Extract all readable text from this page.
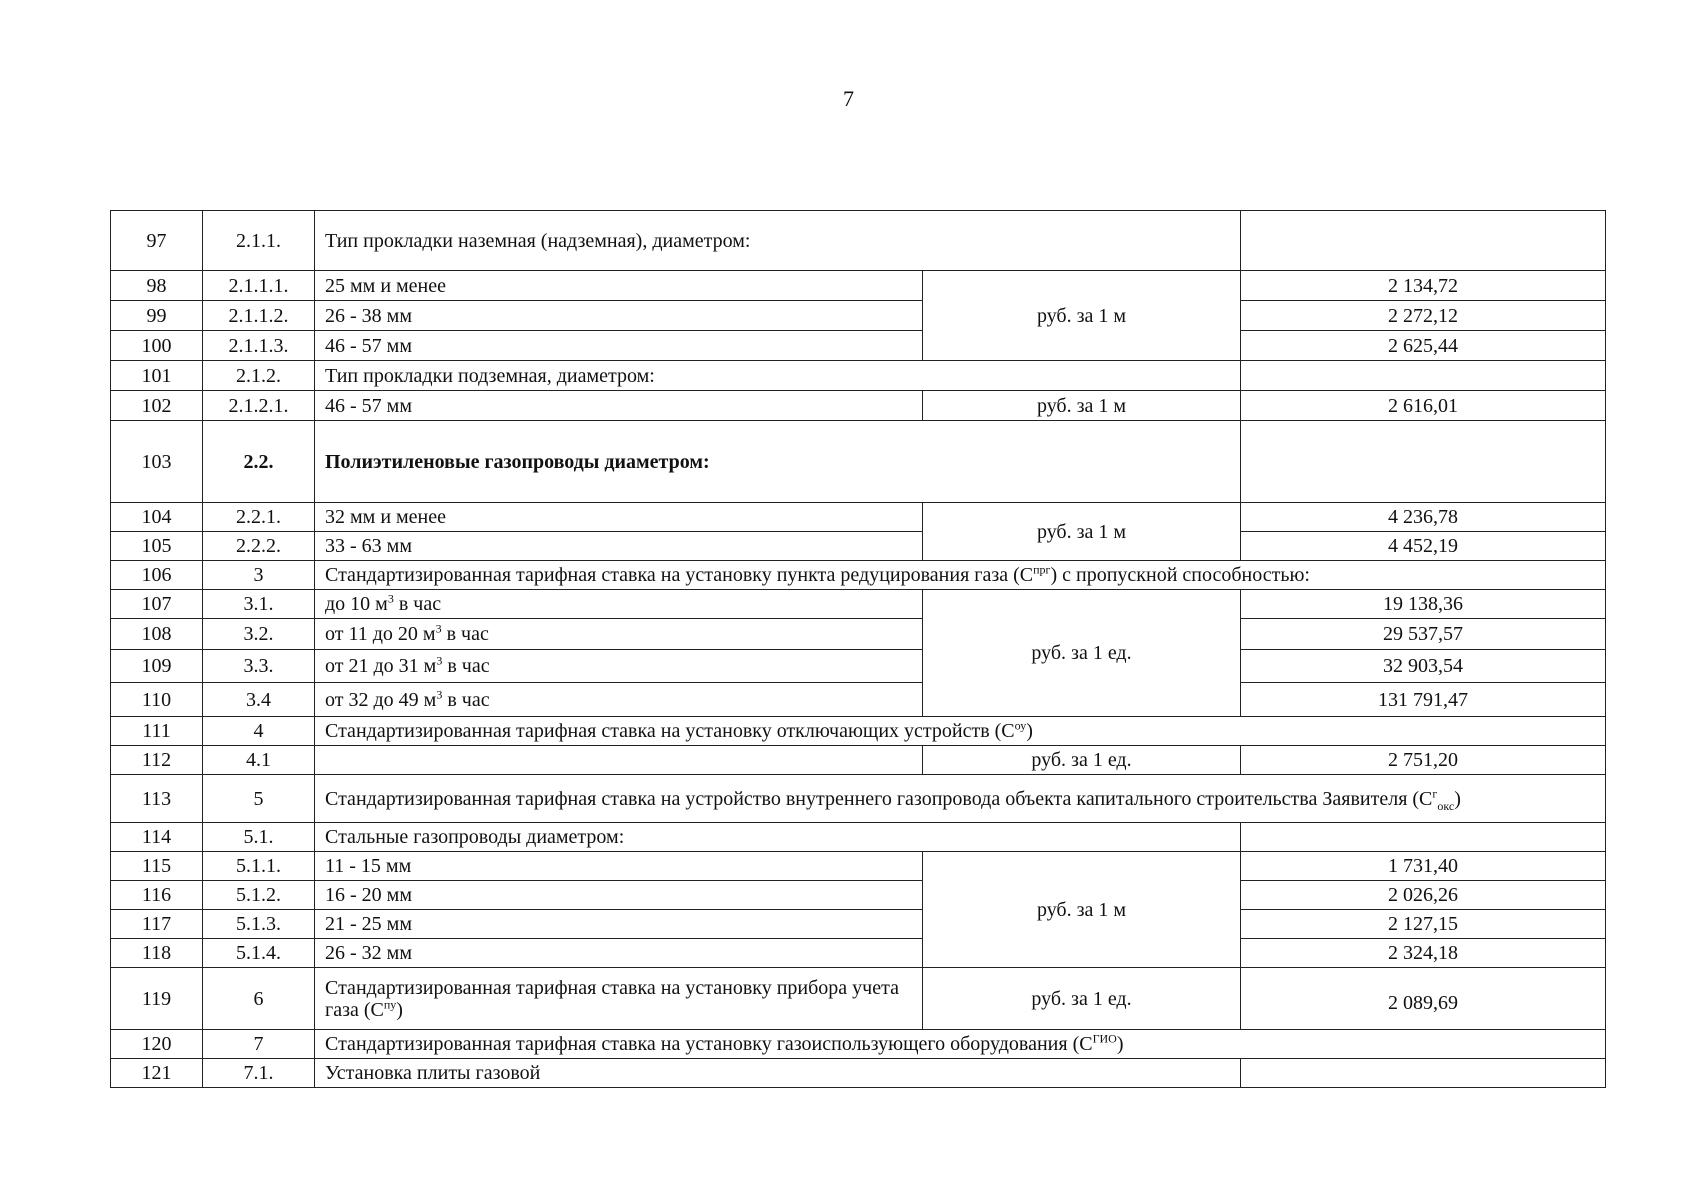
7
97	2.1.1.	Тип прокладки наземная (надземная), диаметром:		
98	2.1.1.1.	25 мм и менее	руб. за 1 м	2 134,72
99	2.1.1.2.	26 - 38 мм		2 272,12
100	2.1.1.3.	46 - 57 мм		2 625,44
101	2.1.2.	Тип прокладки подземная, диаметром:		
102	2.1.2.1.	46 - 57 мм	руб. за 1 м	2 616,01
103	2.2.	Полиэтиленовые газопроводы диаметром:		
104	2.2.1.	32 мм и менее	руб. за 1 м	4 236,78
105	2.2.2.	33 - 63 мм		4 452,19
106	3	Стандартизированная тарифная ставка на установку пункта редуцирования газа $(С^{прг})$ с пропускной способностью:		
107	3.1.	до 10 $м^3$ в час	руб. за 1 ед.	19 138,36
108	3.2.	от 11 до 20 $м^3$ в час		29 537,57
109	3.3.	от 21 до 31 $м^3$ в час		32 903,54
110	3.4	от 32 до 49 $м^3$ в час		131 791,47
111	4	Стандартизированная тарифная ставка на установку отключающих устройств $(С^{оу})$		
112	4.1		руб. за 1 ед.	2 751,20
113	5	Стандартизированная тарифная ставка на устройство внутреннего газопровода объекта капитального строительства Заявителя $(С^г_{окс})$		
114	5.1.	Стальные газопроводы диаметром:		
115	5.1.1.	11 - 15 мм	руб. за 1 м	1 731,40
116	5.1.2.	16 - 20 мм		2 026,26
117	5.1.3.	21 - 25 мм		2 127,15
118	5.1.4.	26 - 32 мм		2 324,18
119	6	Стандартизированная тарифная ставка на установку прибора учета газа $(С^{пу})$	руб. за 1 ед.	2 089,69
120	7	Стандартизированная тарифная ставка на установку газоиспользующего оборудования $(С^{ГИО})$		
121	7.1.	Установка плиты газовой		
